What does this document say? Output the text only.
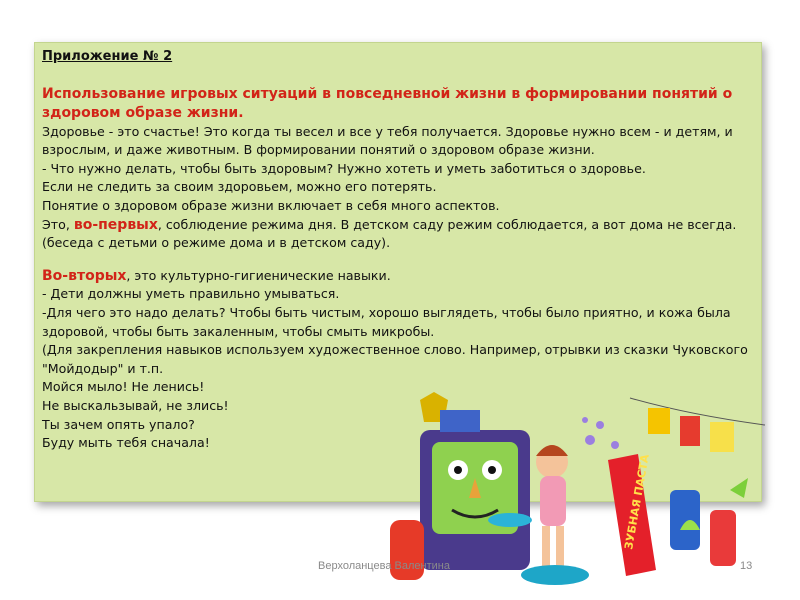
ЗУБНАЯ ПАСТА

Приложение № 2

Использование игровых ситуаций в повседневной жизни в формировании понятий о здоровом образе жизни.

Здоровье - это счастье! Это когда ты весел и все у тебя получается. Здоровье нужно всем - и детям, и взрослым, и даже животным. В формировании понятий о здоровом образе жизни.

- Что нужно делать, чтобы быть здоровым? Нужно хотеть и уметь заботиться о здоровье.

Если не следить за своим здоровьем, можно его потерять.

Понятие о здоровом образе жизни включает в себя много аспектов.

Это, во-первых, соблюдение режима дня. В детском саду режим соблюдается, а вот дома не всегда. (беседа с детьми о режиме дома и в детском саду).

Во-вторых, это культурно-гигиенические навыки.

- Дети должны уметь правильно умываться.

-Для чего это надо делать? Чтобы быть чистым, хорошо выглядеть, чтобы было приятно, и кожа была здоровой, чтобы быть закаленным, чтобы смыть микробы.

(Для закрепления навыков используем художественное слово. Например, отрывки из сказки Чуковского "Мойдодыр" и т.п.

Мойся мыло! Не ленись!

Не выскальзывай, не злись!

Ты зачем опять упало?

Буду мыть тебя сначала!

Верхоланцева Валентина	13
